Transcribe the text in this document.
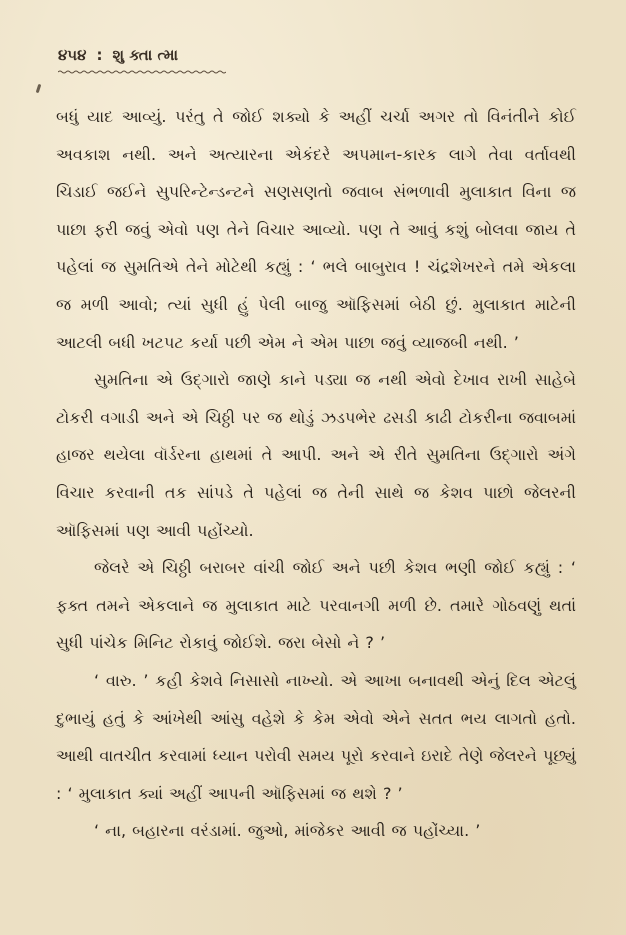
૪૫૪ : શુ ક્તા ત્મા

બધું યાદ આવ્યું. પરંતુ તે જોઈ શક્યો કે અહીં ચર્ચા અગર તો વિનંતીને કોઈ અવકાશ નથી. અને અત્યારના એકંદરે અપમાન-કારક લાગે તેવા વર્તાવથી ચિડાઈ જઈને સુપરિન્ટેન્ડન્ટને સણસણતો જવાબ સંભળાવી મુલાકાત વિના જ પાછા ફરી જવું એવો પણ તેને વિચાર આવ્યો. પણ તે આવું કશું બોલવા જાય તે પહેલાં જ સુમતિએ તેને મોટેથી કહ્યું : ‘ ભલે બાબુરાવ ! ચંદ્રશેખરને તમે એકલા જ મળી આવો; ત્યાં સુધી હું પેલી બાજુ ઑફિસમાં બેઠી છું. મુલાકાત માટેની આટલી બધી ખટપટ કર્યા પછી એમ ને એમ પાછા જવું વ્યાજબી નથી. ’

સુમતિના એ ઉદ્ગારો જાણે કાને પડ્યા જ નથી એવો દેખાવ રાખી સાહેબે ટોકરી વગાડી અને એ ચિઠ્ઠી પર જ થોડું ઝડપભેર ઢસડી કાઢી ટોકરીના જવાબમાં હાજર થયેલા વૉર્ડરના હાથમાં તે આપી. અને એ રીતે સુમતિના ઉદ્ગારો અંગે વિચાર કરવાની તક સાંપડે તે પહેલાં જ તેની સાથે જ કેશવ પાછો જેલરની ઑફિસમાં પણ આવી પહોંચ્યો.

જેલરે એ ચિઠ્ઠી બરાબર વાંચી જોઈ અને પછી કેશવ ભણી જોઈ કહ્યું : ‘ ફક્ત તમને એકલાને જ મુલાકાત માટે પરવાનગી મળી છે. તમારે ગોઠવણું થતાં સુધી પાંચેક મિનિટ રોકાવું જોઈશે. જરા બેસો ને ? ’

‘ વારુ. ’ કહી કેશવે નિસાસો નાખ્યો. એ આખા બનાવથી એનું દિલ એટલું દુભાયું હતું કે આંખેથી આંસુ વહેશે કે કેમ એવો એને સતત ભય લાગતો હતો. આથી વાતચીત કરવામાં ધ્યાન પરોવી સમય પૂરો કરવાને ઇરાદે તેણે જેલરને પૂછ્યું : ‘ મુલાકાત ક્યાં અહીં આપની ઑફિસમાં જ થશે ? ’

‘ ના, બહારના વરંડામાં. જુઓ, માંજેકર આવી જ પહોંચ્યા. ’
